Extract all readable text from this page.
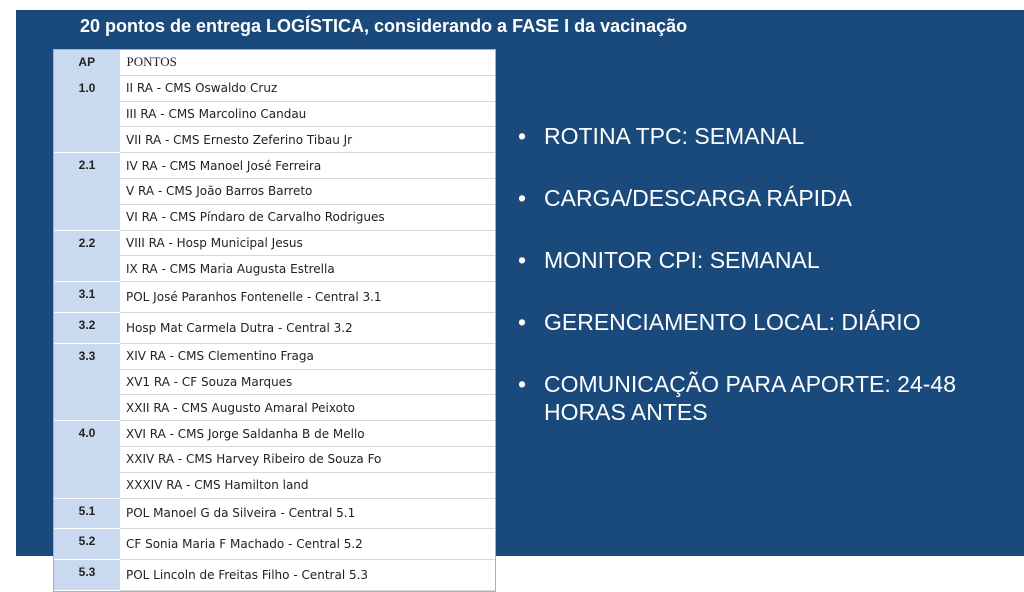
20 pontos de entrega LOGÍSTICA, considerando a FASE I da vacinação
AP	PONTOS
1.0	II RA - CMS Oswaldo Cruz
	III RA - CMS Marcolino Candau
	VII RA - CMS Ernesto Zeferino Tibau Jr
2.1	IV RA - CMS Manoel José Ferreira
	V RA - CMS João Barros Barreto
	VI RA - CMS Píndaro de Carvalho Rodrigues
2.2	VIII RA - Hosp Municipal Jesus
	IX RA - CMS Maria Augusta Estrella
3.1	POL José Paranhos Fontenelle - Central 3.1
3.2	Hosp Mat Carmela Dutra - Central 3.2
3.3	XIV RA - CMS Clementino Fraga
	XV1 RA - CF Souza Marques
	XXII RA - CMS Augusto Amaral Peixoto
4.0	XVI RA - CMS Jorge Saldanha B de Mello
	XXIV RA - CMS Harvey Ribeiro de Souza Fo
	XXXIV RA - CMS Hamilton land
5.1	POL Manoel G da Silveira - Central 5.1
5.2	CF Sonia Maria F Machado - Central 5.2
5.3	POL Lincoln de Freitas Filho - Central 5.3
• ROTINA TPC: SEMANAL
• CARGA/DESCARGA RÁPIDA
• MONITOR CPI: SEMANAL
• GERENCIAMENTO LOCAL: DIÁRIO
• COMUNICAÇÃO PARA APORTE: 24-48 HORAS ANTES
